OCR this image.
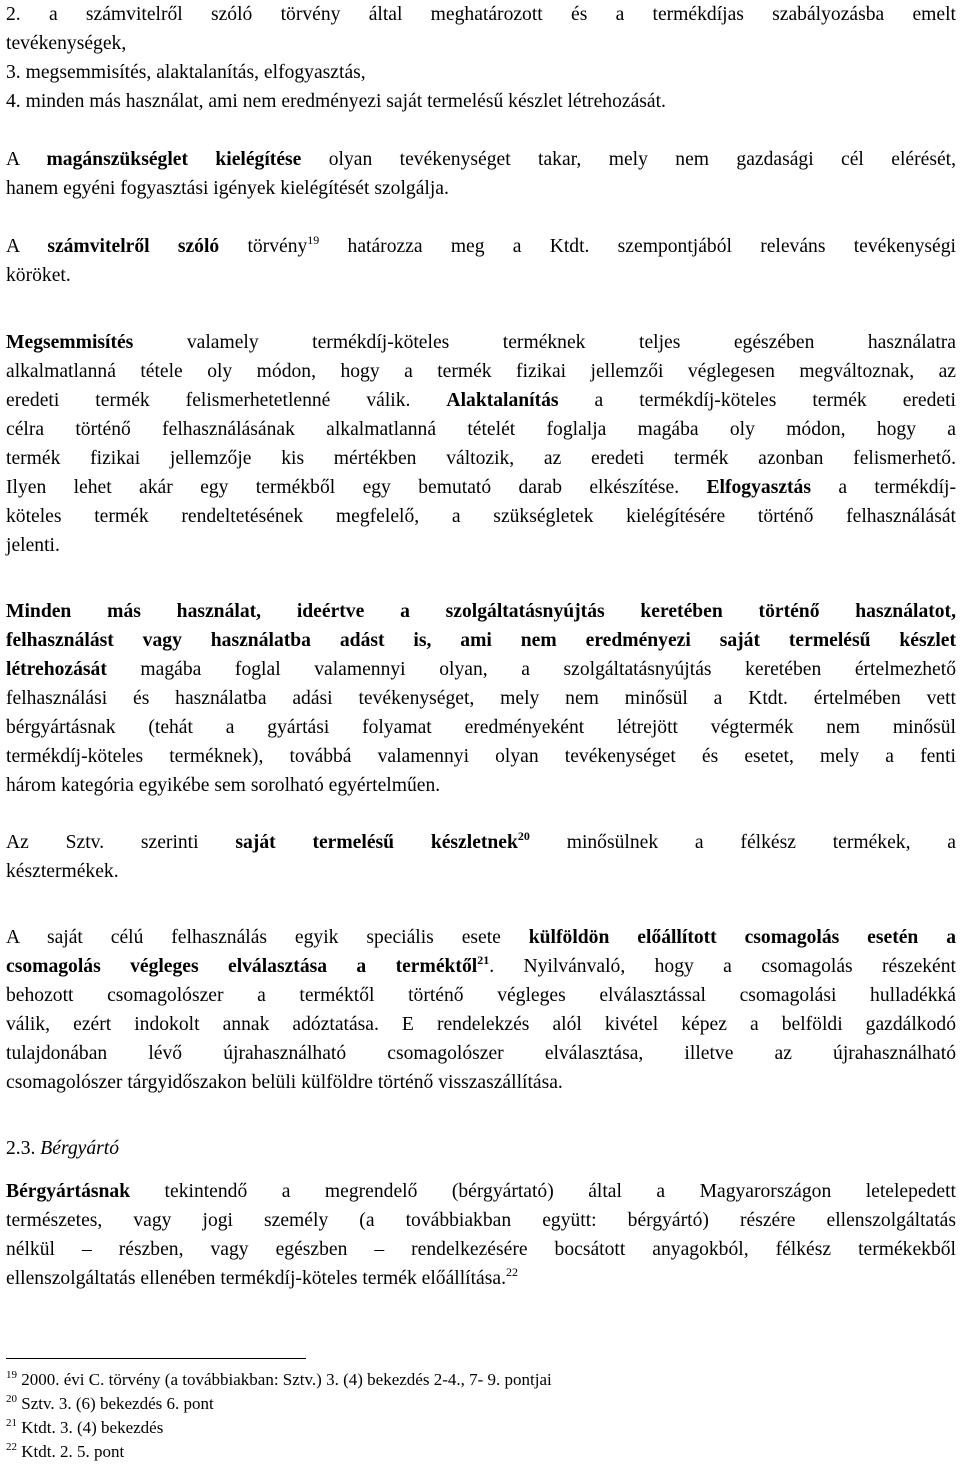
2. a számvitelről szóló törvény által meghatározott és a termékdíjas szabályozásba emelt
tevékenységek,
3. megsemmisítés, alaktalanítás, elfogyasztás,
4. minden más használat, ami nem eredményezi saját termelésű készlet létrehozását.
A magánszükséglet kielégítése olyan tevékenységet takar, mely nem gazdasági cél elérését,
hanem egyéni fogyasztási igények kielégítését szolgálja.
A számvitelről szóló törvény$^{19}$ határozza meg a Ktdt. szempontjából releváns tevékenységi
köröket.
Megsemmisítés valamely termékdíj-köteles terméknek teljes egészében használatra
alkalmatlanná tétele oly módon, hogy a termék fizikai jellemzői véglegesen megváltoznak, az
eredeti termék felismerhetetlenné válik. Alaktalanítás a termékdíj-köteles termék eredeti
célra történő felhasználásának alkalmatlanná tételét foglalja magába oly módon, hogy a
termék fizikai jellemzője kis mértékben változik, az eredeti termék azonban felismerhető.
Ilyen lehet akár egy termékből egy bemutató darab elkészítése. Elfogyasztás a termékdíj-
köteles termék rendeltetésének megfelelő, a szükségletek kielégítésére történő felhasználását
jelenti.
Minden más használat, ideértve a szolgáltatásnyújtás keretében történő használatot,
felhasználást vagy használatba adást is, ami nem eredményezi saját termelésű készlet
létrehozását magába foglal valamennyi olyan, a szolgáltatásnyújtás keretében értelmezhető
felhasználási és használatba adási tevékenységet, mely nem minősül a Ktdt. értelmében vett
bérgyártásnak (tehát a gyártási folyamat eredményeként létrejött végtermék nem minősül
termékdíj-köteles terméknek), továbbá valamennyi olyan tevékenységet és esetet, mely a fenti
három kategória egyikébe sem sorolható egyértelműen.
Az Sztv. szerinti saját termelésű készletnek$^{20}$ minősülnek a félkész termékek, a
késztermékek.
A saját célú felhasználás egyik speciális esete külföldön előállított csomagolás esetén a
csomagolás végleges elválasztása a terméktől$^{21}$. Nyilvánvaló, hogy a csomagolás részeként
behozott csomagolószer a terméktől történő végleges elválasztással csomagolási hulladékká
válik, ezért indokolt annak adóztatása. E rendelekzés alól kivétel képez a belföldi gazdálkodó
tulajdonában lévő újrahasználható csomagolószer elválasztása, illetve az újrahasználható
csomagolószer tárgyidőszakon belüli külföldre történő visszaszállítása.
2.3. Bérgyártó
Bérgyártásnak tekintendő a megrendelő (bérgyártató) által a Magyarországon letelepedett
természetes, vagy jogi személy (a továbbiakban együtt: bérgyártó) részére ellenszolgáltatás
nélkül – részben, vagy egészben – rendelkezésére bocsátott anyagokból, félkész termékekből
ellenszolgáltatás ellenében termékdíj-köteles termék előállítása.$^{22}$
$^{19}$ 2000. évi C. törvény (a továbbiakban: Sztv.) 3. (4) bekezdés 2-4., 7- 9. pontjai
$^{20}$ Sztv. 3. (6) bekezdés 6. pont
$^{21}$ Ktdt. 3. (4) bekezdés
$^{22}$ Ktdt. 2. 5. pont
